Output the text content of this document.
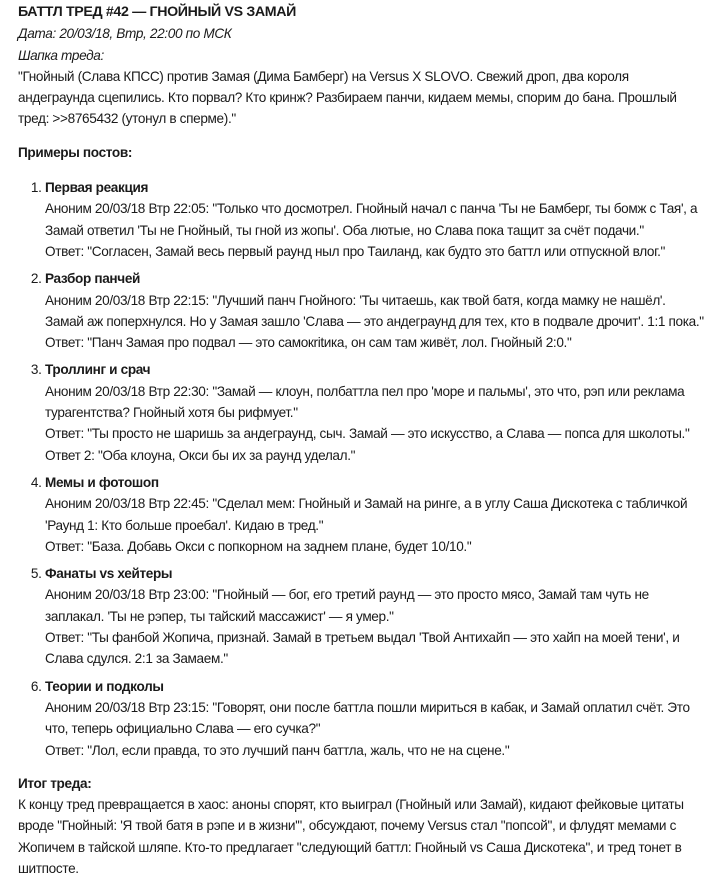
БАТТЛ ТРЕД #42 — ГНОЙНЫЙ VS ЗАМАЙ
Дата: 20/03/18, Втр, 22:00 по МСК
Шапка треда:
"Гнойный (Слава КПСС) против Замая (Дима Бамберг) на Versus X SLOVO. Свежий дроп, два короля андеграунда сцепились. Кто порвал? Кто кринж? Разбираем панчи, кидаем мемы, спорим до бана. Прошлый тред: >>8765432 (утонул в сперме)."
Примеры постов:
1. Первая реакция
Аноним 20/03/18 Втр 22:05: "Только что досмотрел. Гнойный начал с панча 'Ты не Бамберг, ты бомж с Тая', а Замай ответил 'Ты не Гнойный, ты гной из жопы'. Оба лютые, но Слава пока тащит за счёт подачи."
Ответ: "Согласен, Замай весь первый раунд ныл про Таиланд, как будто это баттл или отпускной влог."
2. Разбор панчей
Аноним 20/03/18 Втр 22:15: "Лучший панч Гнойного: 'Ты читаешь, как твой батя, когда мамку не нашёл'. Замай аж поперхнулся. Но у Замая зашло 'Слава — это андеграунд для тех, кто в подвале дрочит'. 1:1 пока."
Ответ: "Панч Замая про подвал — это самокritика, он сам там живёт, лол. Гнойный 2:0."
3. Троллинг и срач
Аноним 20/03/18 Втр 22:30: "Замай — клоун, полбаттла пел про 'море и пальмы', это что, рэп или реклама турагентства? Гнойный хотя бы рифмует."
Ответ: "Ты просто не шаришь за андеграунд, сыч. Замай — это искусство, а Слава — попса для школоты."
Ответ 2: "Оба клоуна, Окси бы их за раунд уделал."
4. Мемы и фотошоп
Аноним 20/03/18 Втр 22:45: "Сделал мем: Гнойный и Замай на ринге, а в углу Саша Дискотека с табличкой 'Раунд 1: Кто больше проебал'. Кидаю в тред."
Ответ: "База. Добавь Окси с попкорном на заднем плане, будет 10/10."
5. Фанаты vs хейтеры
Аноним 20/03/18 Втр 23:00: "Гнойный — бог, его третий раунд — это просто мясо, Замай там чуть не заплакал. 'Ты не рэпер, ты тайский массажист' — я умер."
Ответ: "Ты фанбой Жопича, признай. Замай в третьем выдал 'Твой Антихайп — это хайп на моей тени', и Слава сдулся. 2:1 за Замаем."
6. Теории и подколы
Аноним 20/03/18 Втр 23:15: "Говорят, они после баттла пошли мириться в кабак, и Замай оплатил счёт. Это что, теперь официально Слава — его сучка?"
Ответ: "Лол, если правда, то это лучший панч баттла, жаль, что не на сцене."
Итог треда:
К концу тред превращается в хаос: аноны спорят, кто выиграл (Гнойный или Замай), кидают фейковые цитаты вроде "Гнойный: 'Я твой батя в рэпе и в жизни'", обсуждают, почему Versus стал "попсой", и флудят мемами с Жопичем в тайской шляпе. Кто-то предлагает "следующий баттл: Гнойный vs Саша Дискотека", и тред тонет в шитпосте.
